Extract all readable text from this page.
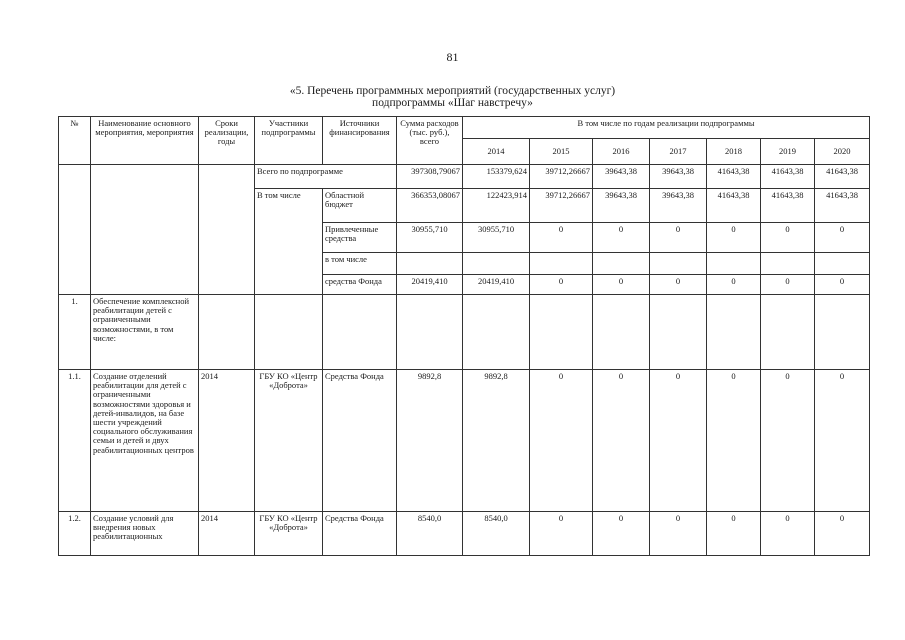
81
«5. Перечень программных мероприятий (государственных услуг)
подпрограммы «Шаг навстречу»
№	Наименование основного мероприятия, мероприятия	Сроки реализации, годы	Участники подпрограммы	Источники финансирования	Сумма расходов (тыс. руб.), всего	В том числе по годам реализации подпрограммы						
						2014	2015	2016	2017	2018	2019	2020
			Всего по подпрограмме		397308,79067	153379,624	39712,26667	39643,38	39643,38	41643,38	41643,38	41643,38
			В том числе	Областной бюджет	366353,08067	122423,914	39712,26667	39643,38	39643,38	41643,38	41643,38	41643,38
				Привлеченные средства	30955,710	30955,710	0	0	0	0	0	0
				в том числе								
				средства Фонда	20419,410	20419,410	0	0	0	0	0	0
1.	Обеспечение комплексной реабилитации детей с ограниченными возможностями, в том числе:											
1.1.	Создание отделений реабилитации для детей с ограниченными возможностями здоровья и детей-инвалидов, на базе шести учреждений социального обслуживания семьи и детей и двух реабилитационных центров	2014	ГБУ КО «Центр «Доброта»	Средства Фонда	9892,8	9892,8	0	0	0	0	0	0
1.2.	Создание условий для внедрения новых реабилитационных	2014	ГБУ КО «Центр «Доброта»	Средства Фонда	8540,0	8540,0	0	0	0	0	0	0
